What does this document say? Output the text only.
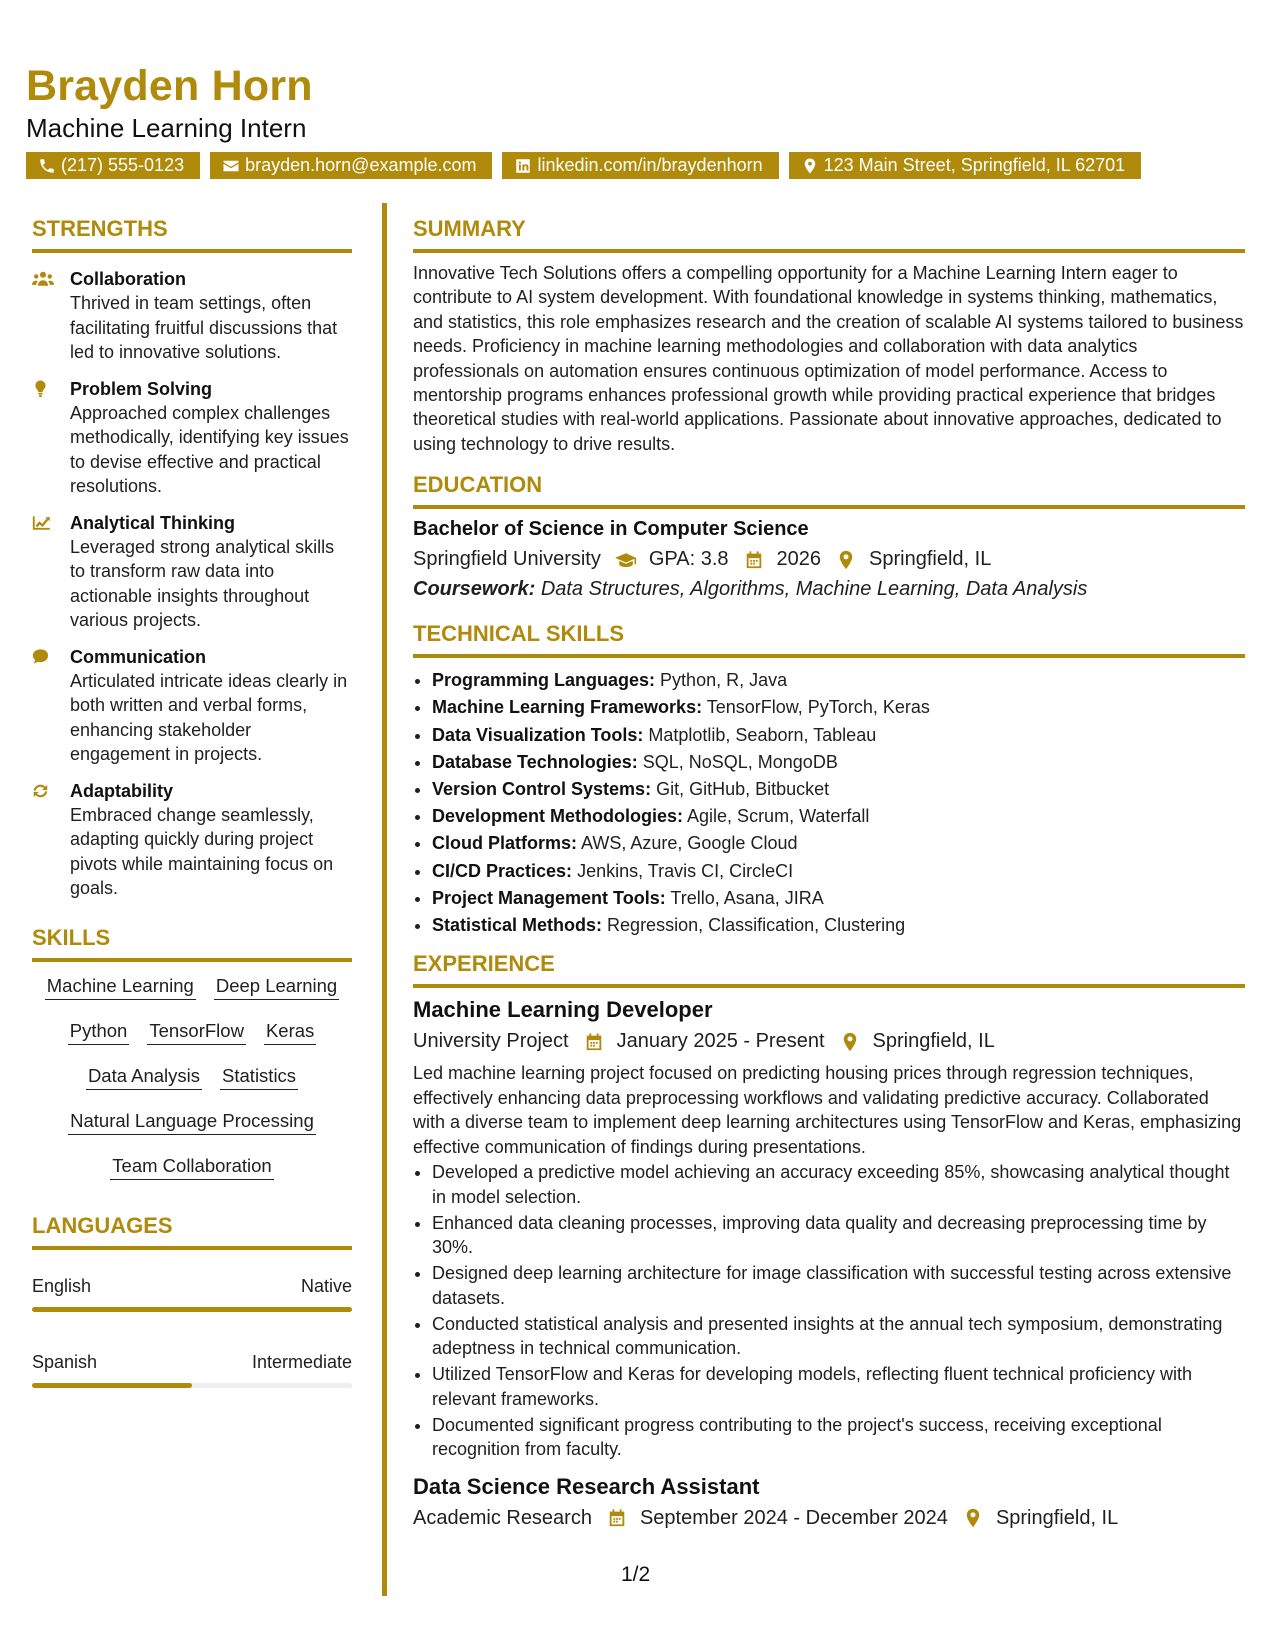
Brayden Horn
Machine Learning Intern
(217) 555-0123	brayden.horn@example.com	linkedin.com/in/braydenhorn	123 Main Street, Springfield, IL 62701
STRENGTHS
Collaboration
Thrived in team settings, often facilitating fruitful discussions that led to innovative solutions.
Problem Solving
Approached complex challenges methodically, identifying key issues to devise effective and practical resolutions.
Analytical Thinking
Leveraged strong analytical skills to transform raw data into actionable insights throughout various projects.
Communication
Articulated intricate ideas clearly in both written and verbal forms, enhancing stakeholder engagement in projects.
Adaptability
Embraced change seamlessly, adapting quickly during project pivots while maintaining focus on goals.
SKILLS
Machine Learning Deep Learning
Python TensorFlow Keras
Data Analysis Statistics
Natural Language Processing
Team Collaboration
LANGUAGES
English	Native
Spanish	Intermediate
SUMMARY
Innovative Tech Solutions offers a compelling opportunity for a Machine Learning Intern eager to contribute to AI system development. With foundational knowledge in systems thinking, mathematics, and statistics, this role emphasizes research and the creation of scalable AI systems tailored to business needs. Proficiency in machine learning methodologies and collaboration with data analytics professionals on automation ensures continuous optimization of model performance. Access to mentorship programs enhances professional growth while providing practical experience that bridges theoretical studies with real-world applications. Passionate about innovative approaches, dedicated to using technology to drive results.
EDUCATION
Bachelor of Science in Computer Science
Springfield University GPA: 3.8 2026 Springfield, IL
Coursework: Data Structures, Algorithms, Machine Learning, Data Analysis
TECHNICAL SKILLS
• Programming Languages: Python, R, Java
• Machine Learning Frameworks: TensorFlow, PyTorch, Keras
• Data Visualization Tools: Matplotlib, Seaborn, Tableau
• Database Technologies: SQL, NoSQL, MongoDB
• Version Control Systems: Git, GitHub, Bitbucket
• Development Methodologies: Agile, Scrum, Waterfall
• Cloud Platforms: AWS, Azure, Google Cloud
• CI/CD Practices: Jenkins, Travis CI, CircleCI
• Project Management Tools: Trello, Asana, JIRA
• Statistical Methods: Regression, Classification, Clustering
EXPERIENCE
Machine Learning Developer
University Project January 2025 - Present Springfield, IL
Led machine learning project focused on predicting housing prices through regression techniques, effectively enhancing data preprocessing workflows and validating predictive accuracy. Collaborated with a diverse team to implement deep learning architectures using TensorFlow and Keras, emphasizing effective communication of findings during presentations.
• Developed a predictive model achieving an accuracy exceeding 85%, showcasing analytical thought in model selection.
• Enhanced data cleaning processes, improving data quality and decreasing preprocessing time by 30%.
• Designed deep learning architecture for image classification with successful testing across extensive datasets.
• Conducted statistical analysis and presented insights at the annual tech symposium, demonstrating adeptness in technical communication.
• Utilized TensorFlow and Keras for developing models, reflecting fluent technical proficiency with relevant frameworks.
• Documented significant progress contributing to the project's success, receiving exceptional recognition from faculty.
Data Science Research Assistant
Academic Research September 2024 - December 2024 Springfield, IL
1/2
